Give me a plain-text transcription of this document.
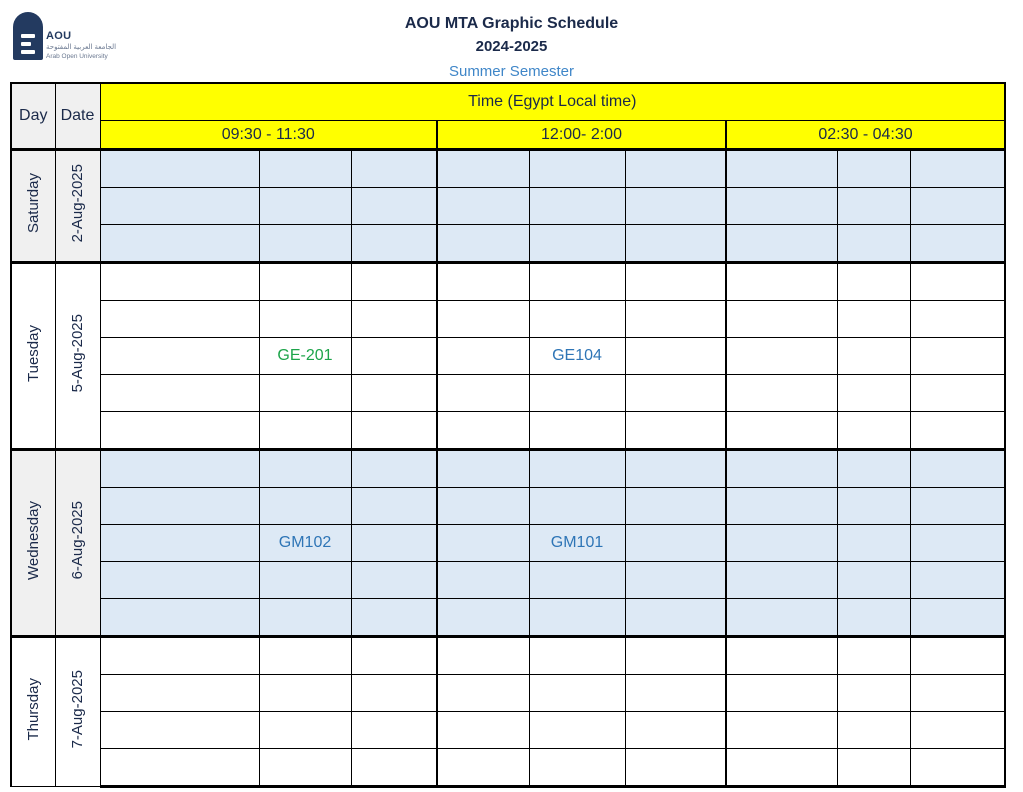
AOU
الجامعة العربية المفتوحة
Arab Open University
AOU MTA Graphic Schedule
2024-2025
Summer Semester
Day	Date	Time (Egypt Local time)								
		09:30 - 11:30			12:00- 2:00			02:30 - 04:30		
Saturday	2-Aug-2025									

Tuesday	5-Aug-2025									

			GE-201			GE104				

Wednesday	6-Aug-2025									

			GM102			GM101				

Thursday	7-Aug-2025									
